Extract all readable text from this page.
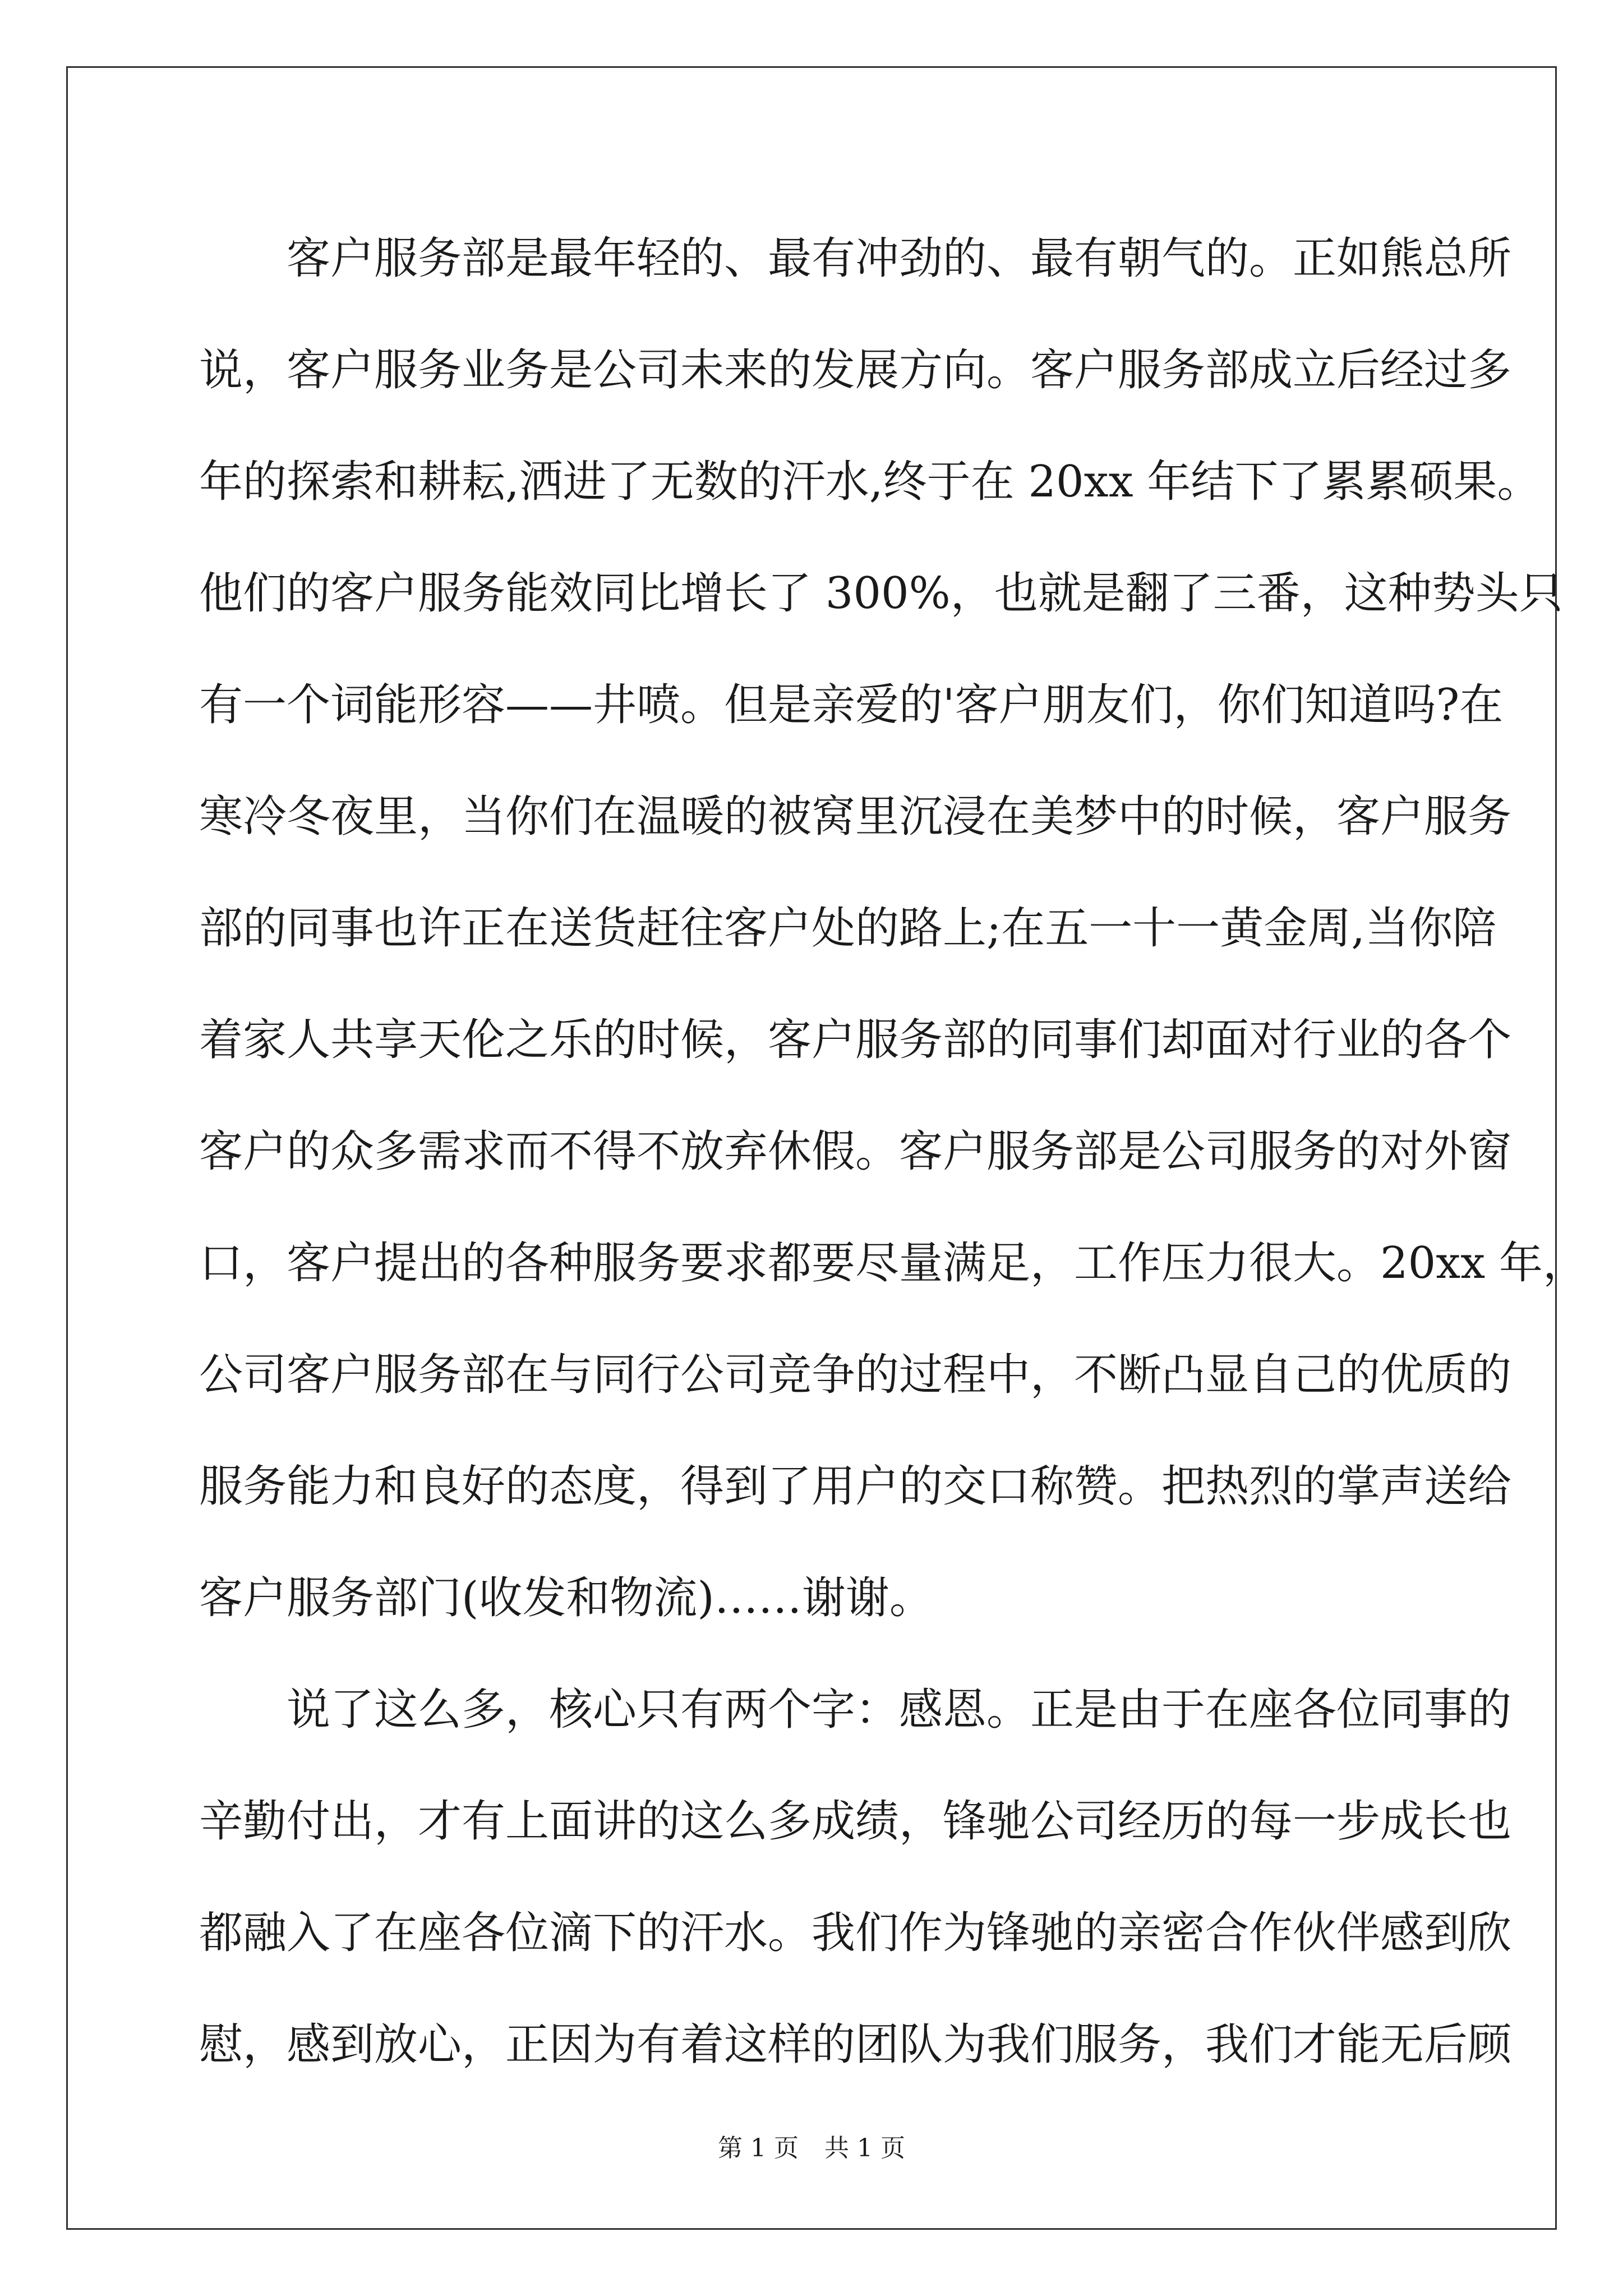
客户服务部是最年轻的、最有冲劲的、最有朝气的。正如熊总所
说，客户服务业务是公司未来的发展方向。客户服务部成立后经过多
年的探索和耕耘,洒进了无数的汗水,终于在 20xx 年结下了累累硕果。
他们的客户服务能效同比增长了 300%，也就是翻了三番，这种势头只
有一个词能形容——井喷。但是亲爱的'客户朋友们，你们知道吗?在
寒冷冬夜里，当你们在温暖的被窝里沉浸在美梦中的时候，客户服务
部的同事也许正在送货赶往客户处的路上;在五一十一黄金周,当你陪
着家人共享天伦之乐的时候，客户服务部的同事们却面对行业的各个
客户的众多需求而不得不放弃休假。客户服务部是公司服务的对外窗
口，客户提出的各种服务要求都要尽量满足，工作压力很大。20xx 年，
公司客户服务部在与同行公司竞争的过程中，不断凸显自己的优质的
服务能力和良好的态度，得到了用户的交口称赞。把热烈的掌声送给
客户服务部门(收发和物流)……谢谢。
说了这么多，核心只有两个字：感恩。正是由于在座各位同事的
辛勤付出，才有上面讲的这么多成绩，锋驰公司经历的每一步成长也
都融入了在座各位滴下的汗水。我们作为锋驰的亲密合作伙伴感到欣
慰，感到放心，正因为有着这样的团队为我们服务，我们才能无后顾
第 1 页 共 1 页
